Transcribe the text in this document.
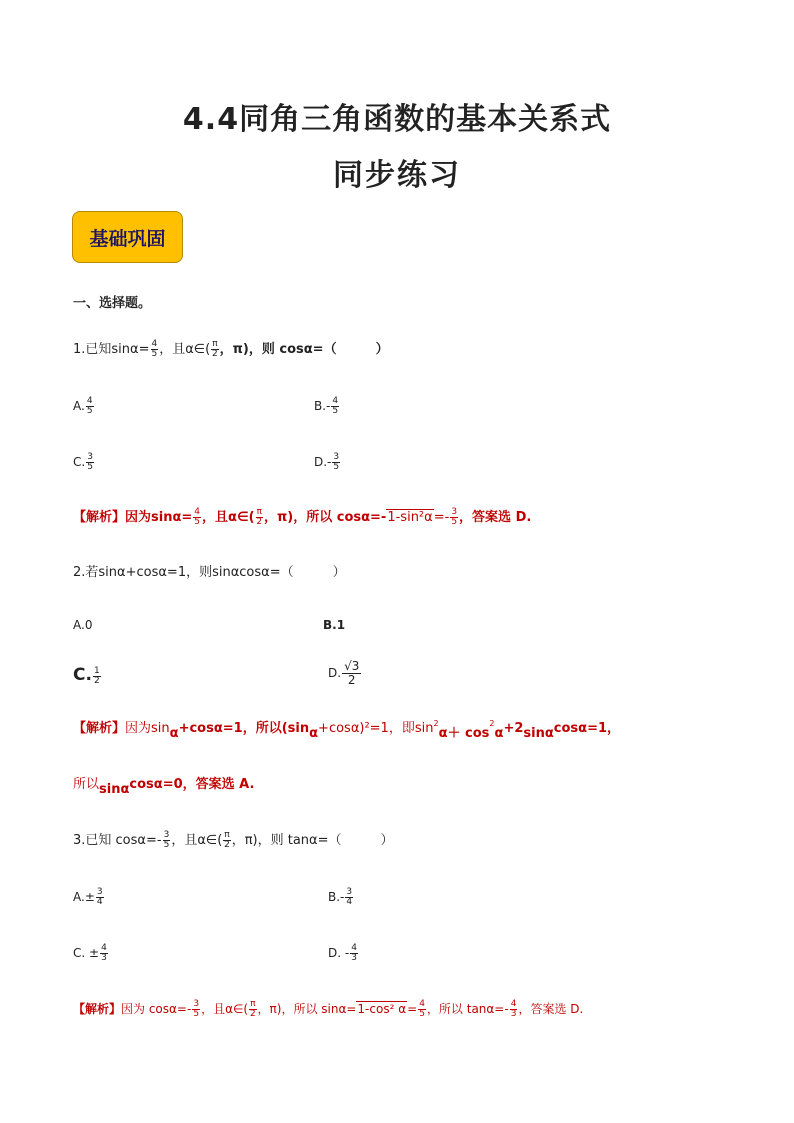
4.4同角三角函数的基本关系式
同步练习
基础巩固
一、选择题。
1.已知$\sin\alpha= \frac{4}{5}$ ，且α∈( $\frac{\pi}{2}$ ，π)，则 cosα=（　　　）
A. $\frac{4}{5}$	$B.- \frac{4}{5}$
C. $\frac{3}{5}$	$D.- \frac{3}{5}$
【解析】因为$\sin\alpha= \frac{4}{5}$ ，且α∈( $\frac{\pi}{2}$ ，π)，所以 $\cos\alpha=-1-\sin^2\alpha=- \frac{3}{5}$ ，答案选 D.
2.若sinα+cosα=1，则sinαcosα=（　　　）
A.0	B.1
C. $\frac{1}{2}$	D. $\frac{√3}{2}$
【解析】因为sinα+cosα=1，所以(sinα+cosα)²=1，即$\sin^2\alpha+ \cos^2\alpha+2\sin\alpha\cos\alpha=1$，
所以sinαcosα=0，答案选 A.
3.已知 $\cos\alpha=- \frac{3}{5}$ ，且α∈( $\frac{\pi}{2}$ ，π)，则 tanα=（　　　）
$A.\pm \frac{3}{4}$	$B.- \frac{3}{4}$
C. ± $\frac{4}{3}$	D. - $\frac{4}{3}$
【解析】因为 $\cos\alpha=- \frac{3}{5}$ ，且α∈( $\frac{\pi}{2}$ ，π)，所以 sinα=1-cos² $\alpha= \frac{4}{5}$ ，所以 $\tan\alpha=- \frac{4}{3}$ ，答案选 D.
